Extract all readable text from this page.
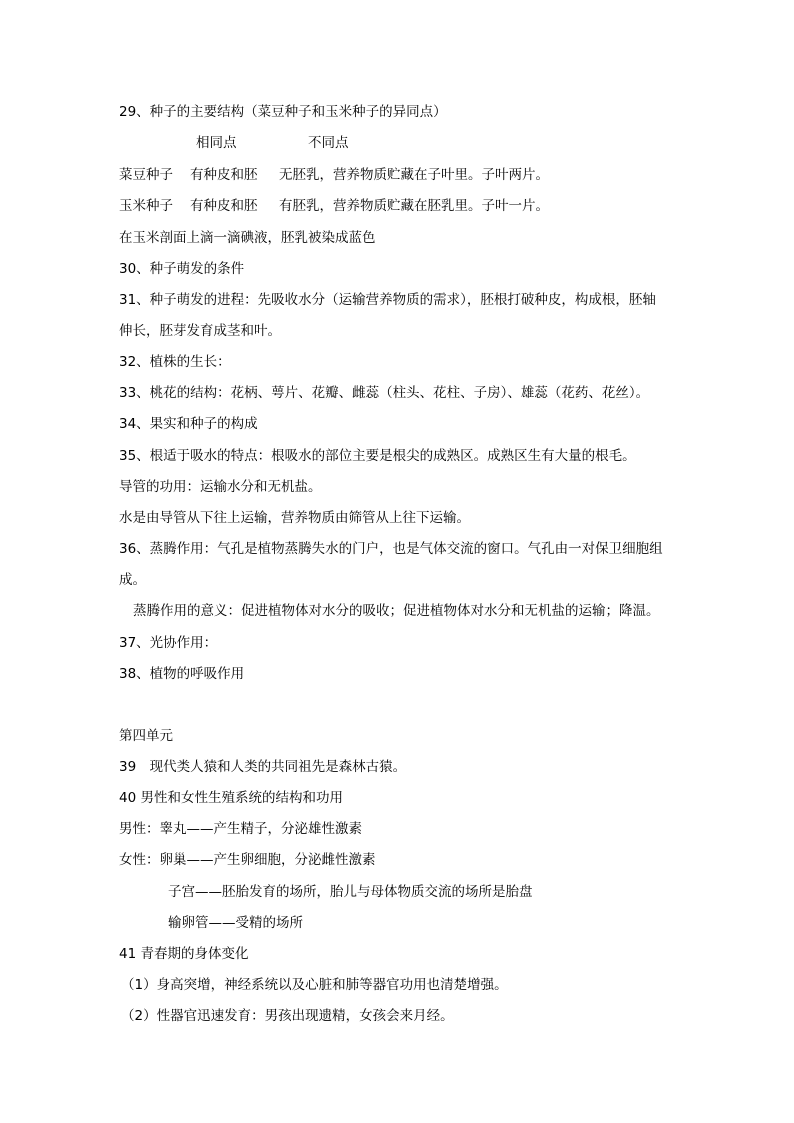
29、种子的主要结构（菜豆种子和玉米种子的异同点）
相同点	不同点
菜豆种子 有种皮和胚 无胚乳，营养物质贮藏在子叶里。子叶两片。
玉米种子 有种皮和胚 有胚乳，营养物质贮藏在胚乳里。子叶一片。
在玉米剖面上滴一滴碘液，胚乳被染成蓝色
30、种子萌发的条件
31、种子萌发的进程：先吸收水分（运输营养物质的需求），胚根打破种皮，构成根，胚轴
伸长，胚芽发育成茎和叶。
32、植株的生长：
33、桃花的结构：花柄、萼片、花瓣、雌蕊（柱头、花柱、子房）、雄蕊（花药、花丝）。
34、果实和种子的构成
35、根适于吸水的特点：根吸水的部位主要是根尖的成熟区。成熟区生有大量的根毛。
导管的功用：运输水分和无机盐。
水是由导管从下往上运输，营养物质由筛管从上往下运输。
36、蒸腾作用：气孔是植物蒸腾失水的门户，也是气体交流的窗口。气孔由一对保卫细胞组
成。
蒸腾作用的意义：促进植物体对水分的吸收；促进植物体对水分和无机盐的运输；降温。
37、光协作用：
38、植物的呼吸作用
第四单元
39　现代类人猿和人类的共同祖先是森林古猿。
40 男性和女性生殖系统的结构和功用
男性：睾丸——产生精子，分泌雄性激素
女性：卵巢——产生卵细胞，分泌雌性激素
子宫——胚胎发育的场所，胎儿与母体物质交流的场所是胎盘
输卵管——受精的场所
41 青春期的身体变化
（1）身高突增，神经系统以及心脏和肺等器官功用也清楚增强。
（2）性器官迅速发育：男孩出现遗精，女孩会来月经。
